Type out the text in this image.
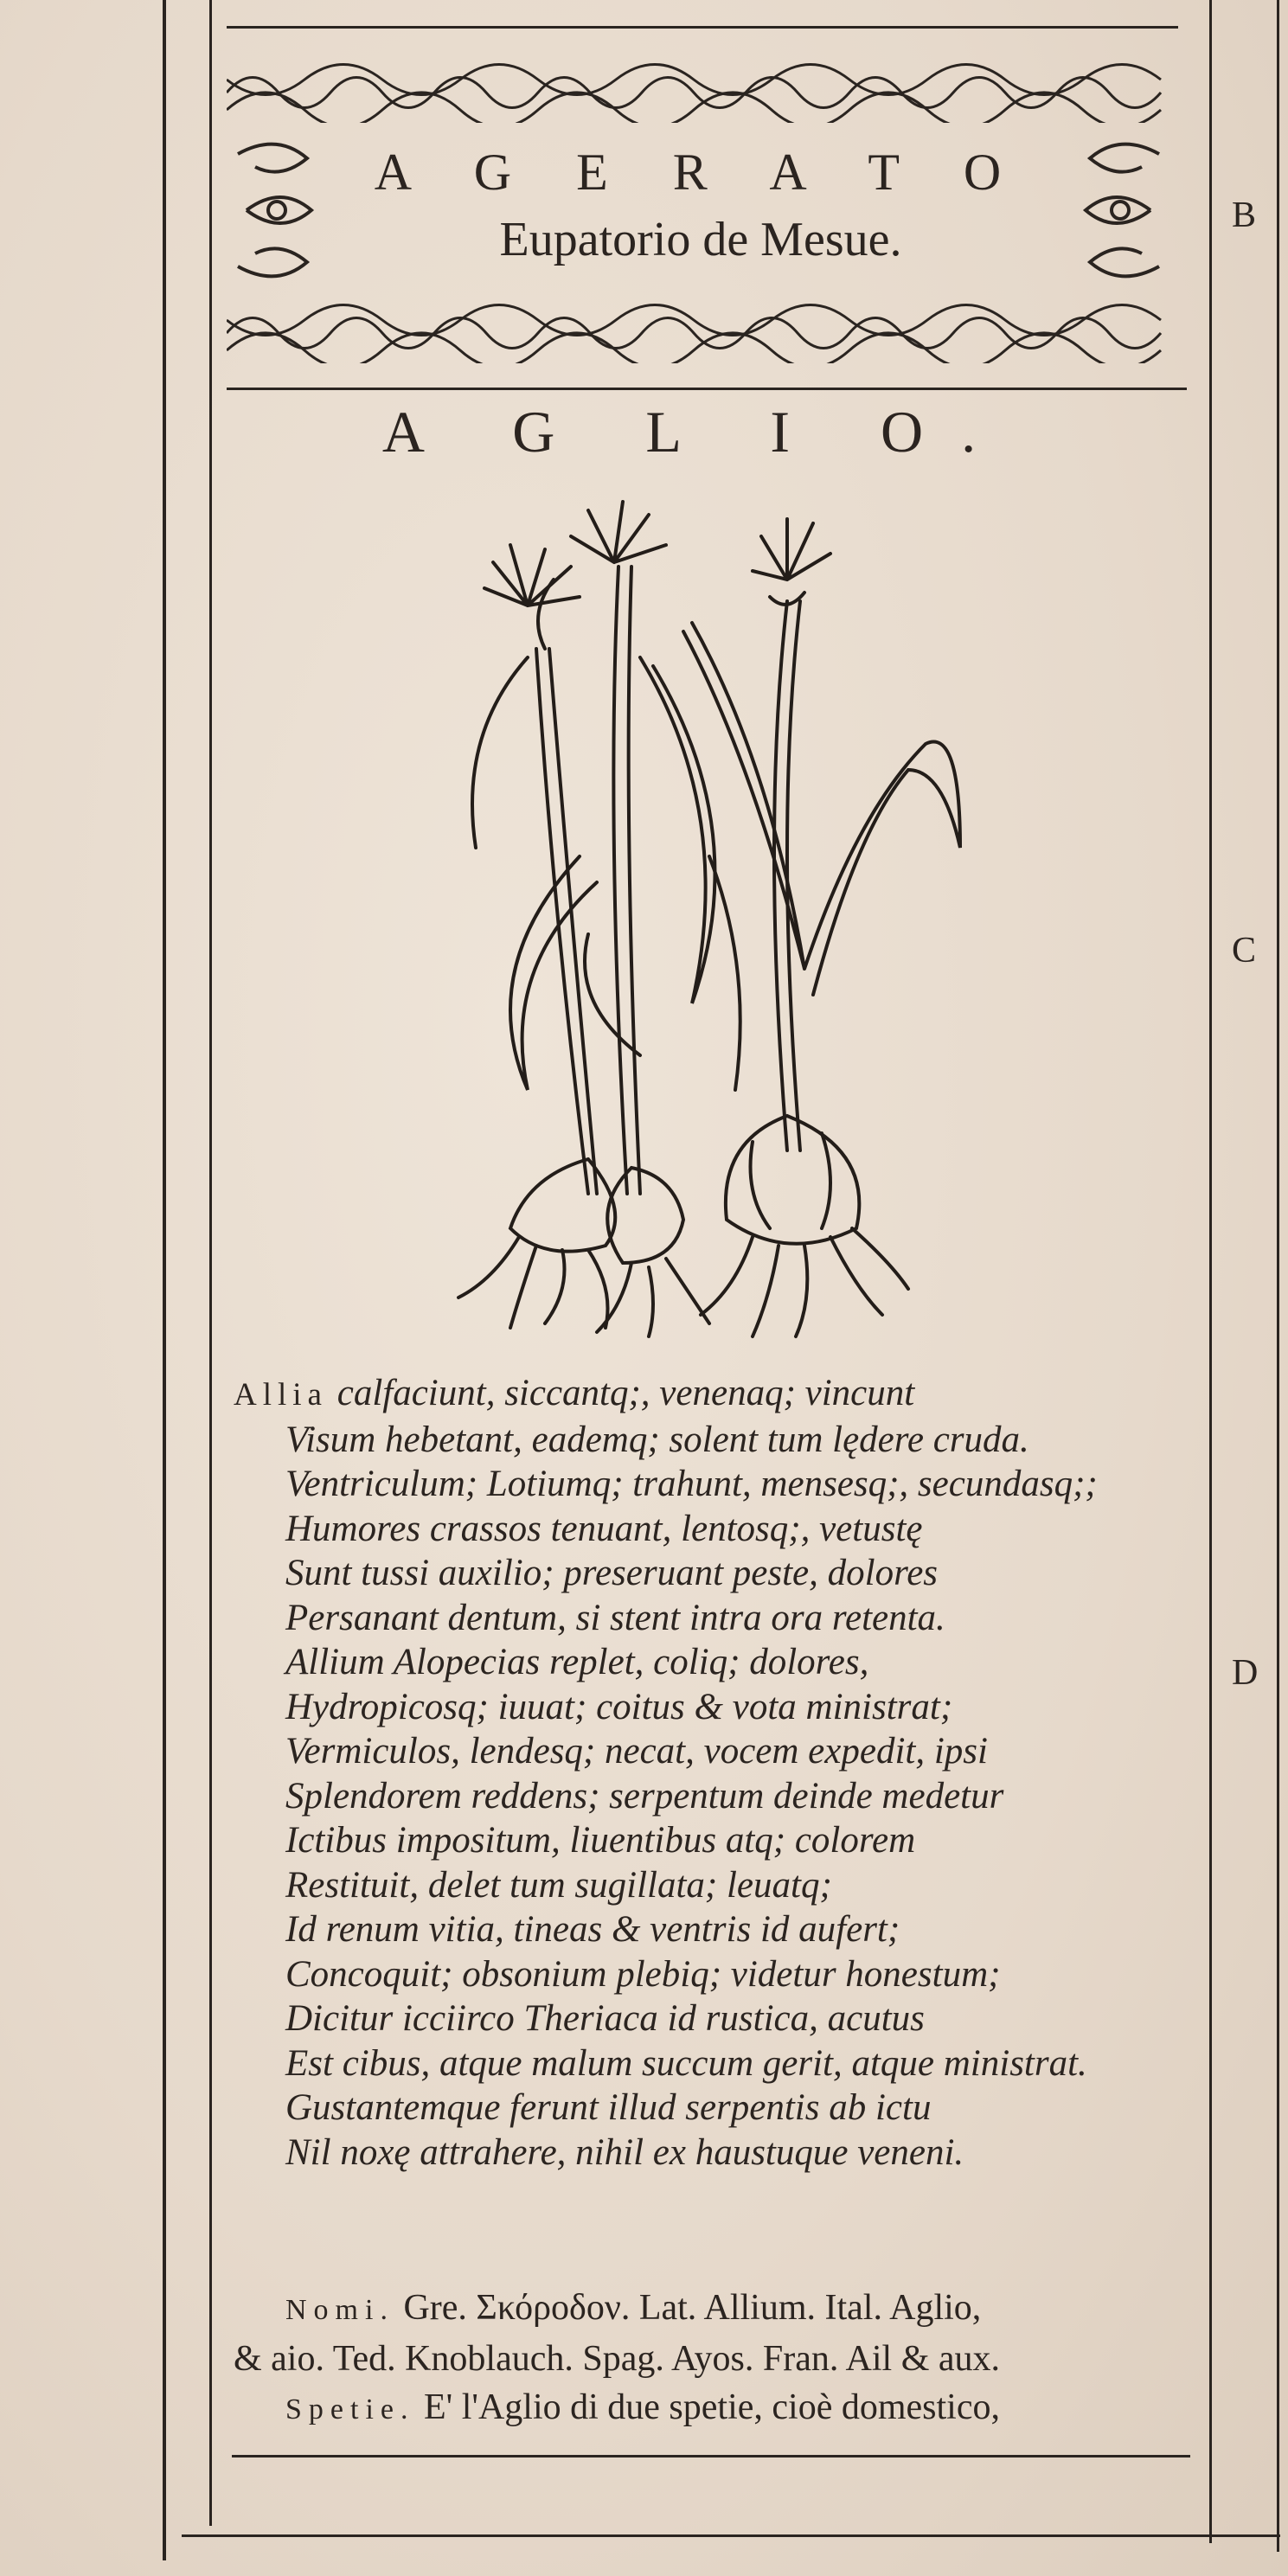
A G E R A T O
Eupatorio de Mesue.
A G L I O.
B
C
D
Allia calfaciunt, siccantq;, venenaq; vincunt
Visum hebetant, eademq; solent tum lędere cruda.
Ventriculum; Lotiumq; trahunt, mensesq;, secundasq;;
Humores crassos tenuant, lentosq;, vetustę
Sunt tussi auxilio; preseruant peste, dolores
Persanant dentum, si stent intra ora retenta.
Allium Alopecias replet, coliq; dolores,
Hydropicosq; iuuat; coitus & vota ministrat;
Vermiculos, lendesq; necat, vocem expedit, ipsi
Splendorem reddens; serpentum deinde medetur
Ictibus impositum, liuentibus atq; colorem
Restituit, delet tum sugillata; leuatq;
Id renum vitia, tineas & ventris id aufert;
Concoquit; obsonium plebiq; videtur honestum;
Dicitur icciirco Theriaca id rustica, acutus
Est cibus, atque malum succum gerit, atque ministrat.
Gustantemque ferunt illud serpentis ab ictu
Nil noxę attrahere, nihil ex haustuque veneni.
Nomi. Gre. Σκόροδον. Lat. Allium. Ital. Aglio,
& aio. Ted. Knoblauch. Spag. Ayos. Fran. Ail & aux.
Spetie. E' l'Aglio di due spetie, cioè domestico,
